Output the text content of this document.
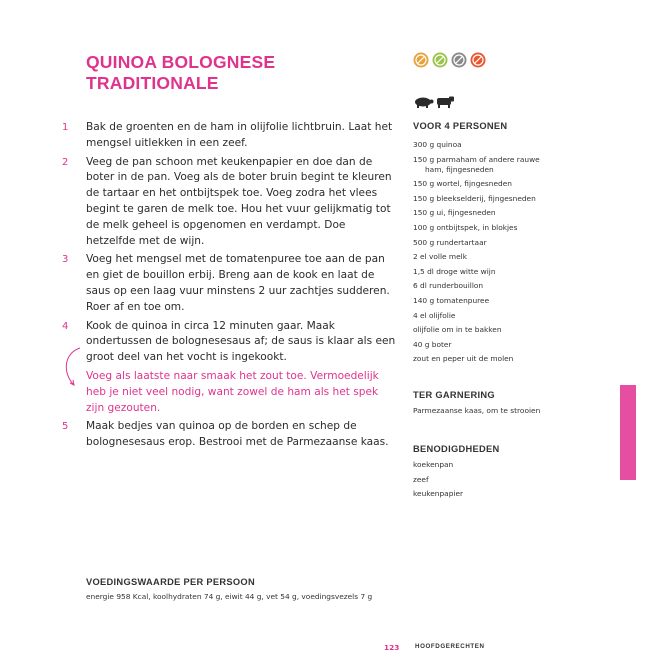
QUINOA BOLOGNESE
TRADITIONALE
1 Bak de groenten en de ham in olijfolie lichtbruin. Laat het mengsel uitlekken in een zeef.
2 Veeg de pan schoon met keukenpapier en doe dan de boter in de pan. Voeg als de boter bruin begint te kleuren de tartaar en het ontbijtspek toe. Voeg zodra het vlees begint te garen de melk toe. Hou het vuur gelijkmatig tot de melk geheel is opgenomen en verdampt. Doe hetzelfde met de wijn.
3 Voeg het mengsel met de tomatenpuree toe aan de pan en giet de bouillon erbij. Breng aan de kook en laat de saus op een laag vuur minstens 2 uur zachtjes sudderen. Roer af en toe om.
4 Kook de quinoa in circa 12 minuten gaar. Maak ondertussen de bolognesesaus af; de saus is klaar als een groot deel van het vocht is ingekookt.
Voeg als laatste naar smaak het zout toe. Vermoedelijk heb je niet veel nodig, want zowel de ham als het spek zijn gezouten.
5 Maak bedjes van quinoa op de borden en schep de bolognesesaus erop. Bestrooi met de Parmezaanse kaas.
VOOR 4 PERSONEN
300 g quinoa
150 g parmaham of andere rauwe
ham, fijngesneden
150 g wortel, fijngesneden
150 g bleekselderij, fijngesneden
150 g ui, fijngesneden
100 g ontbijtspek, in blokjes
500 g rundertartaar
2 el volle melk
1,5 dl droge witte wijn
6 dl runderbouillon
140 g tomatenpuree
4 el olijfolie
olijfolie om in te bakken
40 g boter
zout en peper uit de molen
TER GARNERING
Parmezaanse kaas, om te strooien
BENODIGDHEDEN
koekenpan
zeef
keukenpapier
VOEDINGSWAARDE PER PERSOON
energie 958 Kcal, koolhydraten 74 g, eiwit 44 g, vet 54 g, voedingsvezels 7 g
123	HOOFDGERECHTEN
